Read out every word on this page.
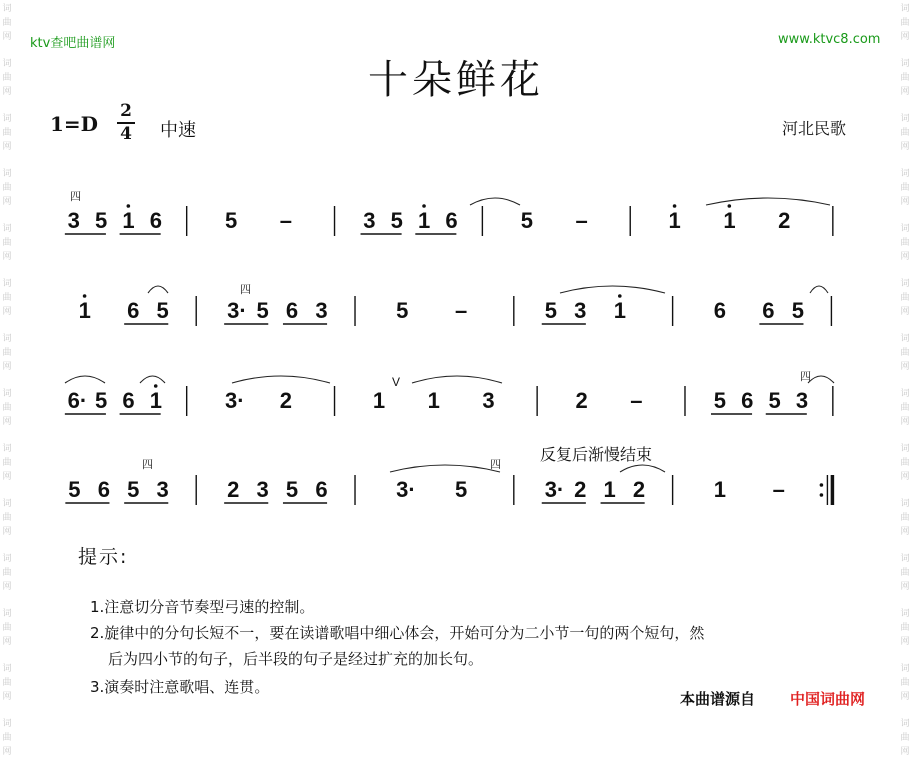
词
曲
网
词
曲
网
词
曲
网
词
曲
网
词
曲
网
词
曲
网
词
曲
网
词
曲
网
词
曲
网
词
曲
网
词
曲
网
词
曲
网
词
曲
网
词
曲
网
词
曲
网
词
曲
网
词
曲
网
词
曲
网
词
曲
网
词
曲
网
词
曲
网
词
曲
网
词
曲
网
词
曲
网
词
曲
网
词
曲
网
词
曲
网
词
曲
网
ktv查吧曲谱网	www.ktvc8.com
十朵鲜花
1=D
2
4 中速	河北民歌
3 5 1 6	5 –	3 5 1 6	5 –	1 1 2
1 6 5	3· 5 6 3	5 –	5 3 1	6 6 5
6· 5 6 1	3· 2	1 1 3	2 –	5 6 5 3
5 6 5 3	2 3 5 6	3· 5	3· 2 1 2	1 –
四
四
四
四	四
V
反复后渐慢结束
提示:
1.注意切分音节奏型弓速的控制。
2.旋律中的分句长短不一，要在读谱歌唱中细心体会，开始可分为二小节一句的两个短句，然
后为四小节的句子，后半段的句子是经过扩充的加长句。
3.演奏时注意歌唱、连贯。
本曲谱源自 中国词曲网
